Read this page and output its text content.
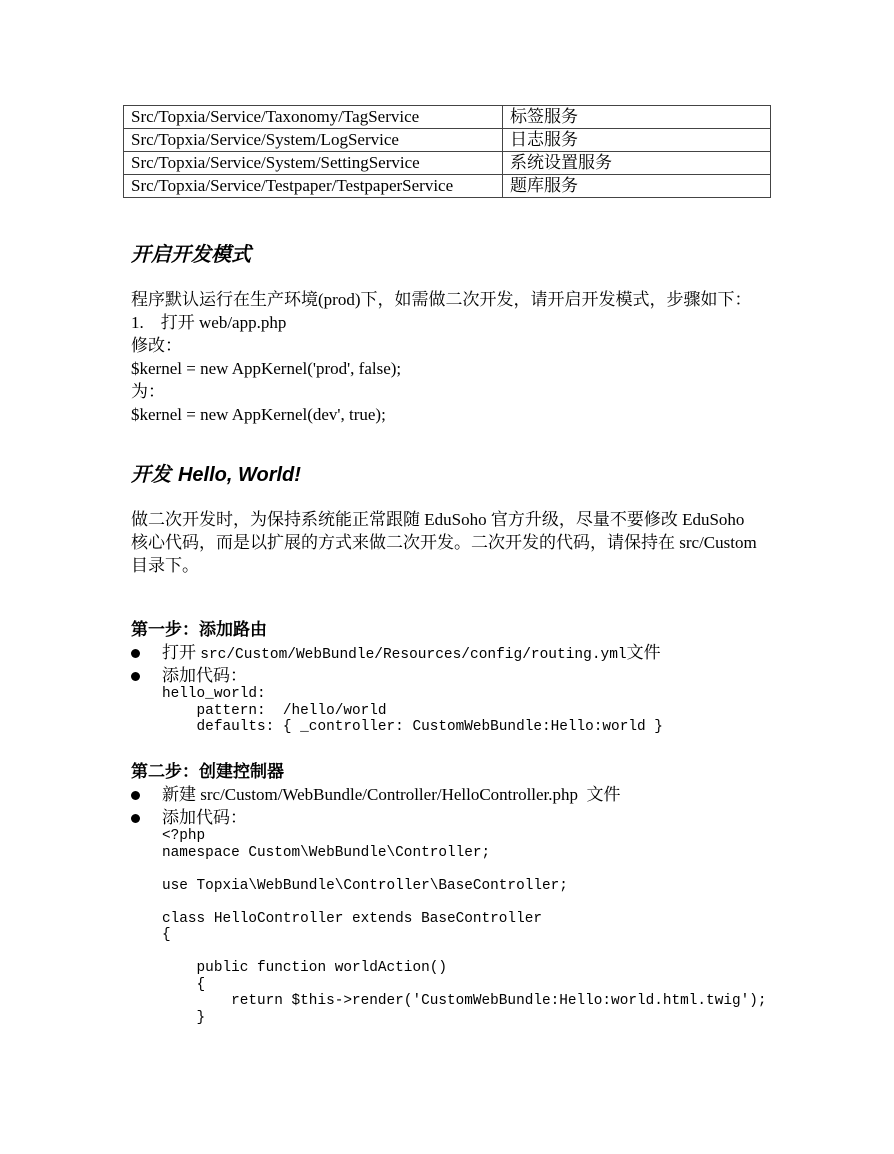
Src/Topxia/Service/Taxonomy/TagService	标签服务
Src/Topxia/Service/System/LogService	日志服务
Src/Topxia/Service/System/SettingService	系统设置服务
Src/Topxia/Service/Testpaper/TestpaperService	题库服务
开启开发模式

程序默认运行在生产环境(prod)下，如需做二次开发，请开启开发模式，步骤如下：

1.    打开 web/app.php

修改：

$kernel = new AppKernel('prod', false);

为：

$kernel = new AppKernel(dev', true);

开发 Hello, World!

做二次开发时，为保持系统能正常跟随 EduSoho 官方升级，尽量不要修改 EduSoho

核心代码，而是以扩展的方式来做二次开发。二次开发的代码，请保持在 src/Custom

目录下。

第一步：添加路由
打开 src/Custom/WebBundle/Resources/config/routing.yml文件
添加代码：
hello_world:
pattern:  /hello/world
defaults: { _controller: CustomWebBundle:Hello:world }
第二步：创建控制器
新建 src/Custom/WebBundle/Controller/HelloController.php  文件
添加代码：
<?php
namespace Custom\WebBundle\Controller;

use Topxia\WebBundle\Controller\BaseController;

class HelloController extends BaseController
{

public function worldAction()
{
return $this->render('CustomWebBundle:Hello:world.html.twig');
}
